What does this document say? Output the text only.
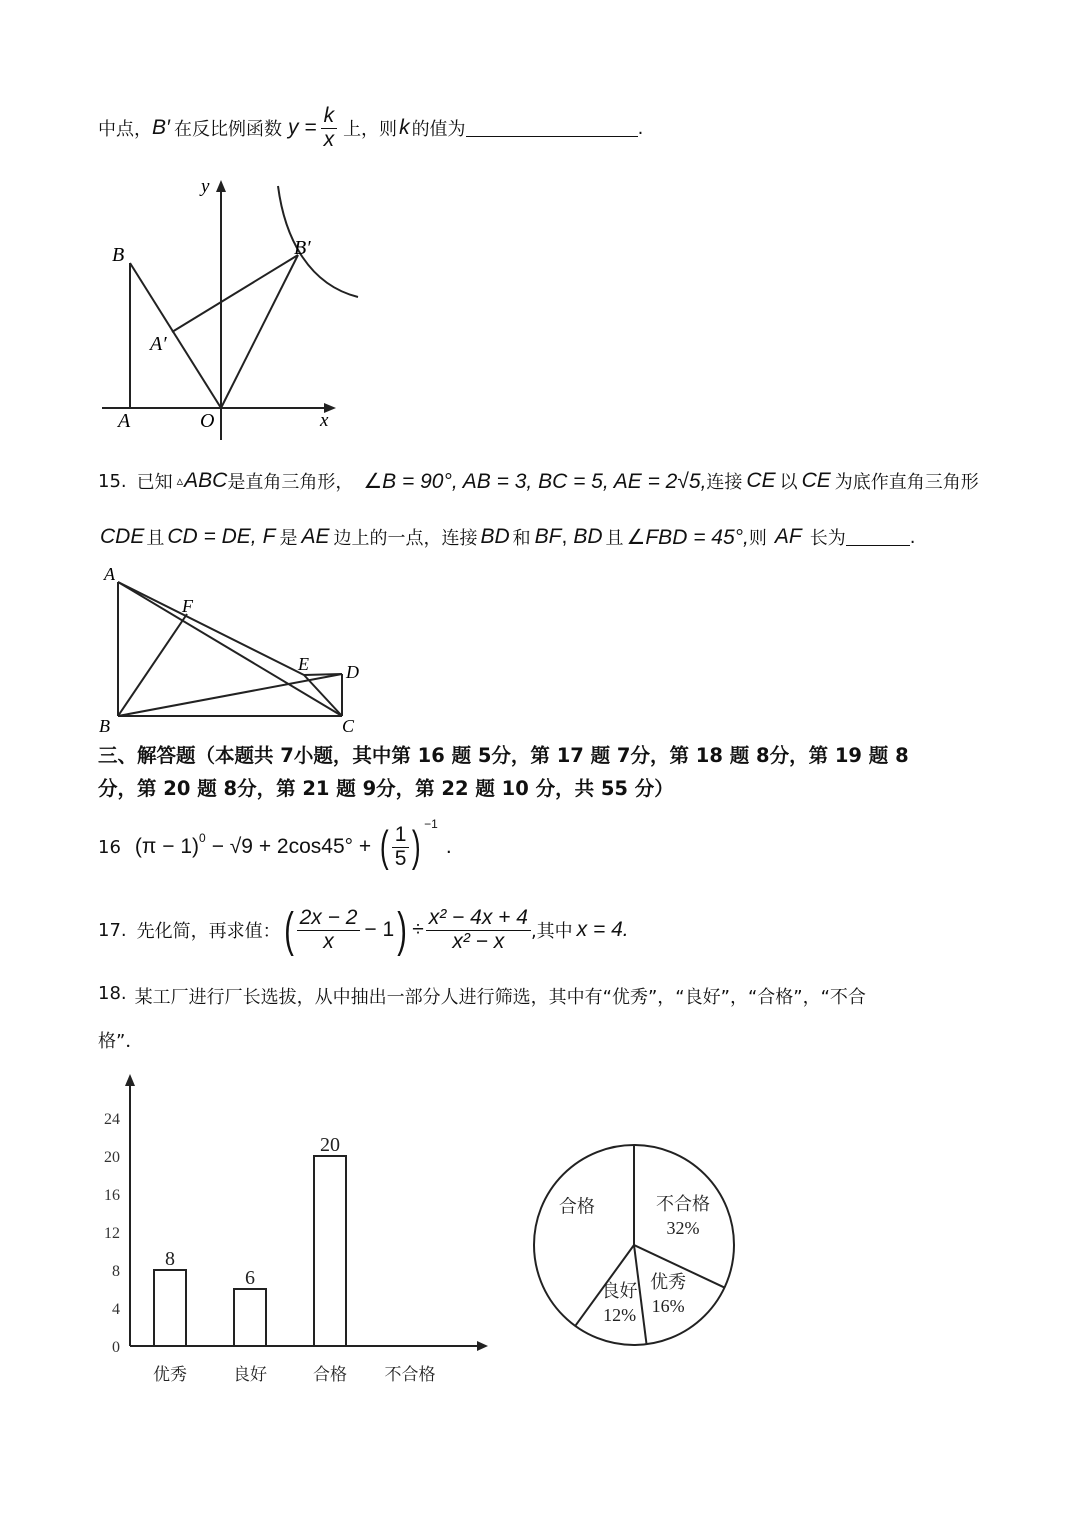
中点， B′ 在反比例函数 $y = \frac{k}{x}$ 上，则 k 的值为	.
y
x
B	B′
A′
A	O
15. 已知 ▵ ABC 是直角三角形， ∠B = 90°, AB = 3, BC = 5, AE = 2√5, 连接 CE 以 CE 为底作直角三角形
CDE 且 CD = DE, F 是 AE 边上的一点，连接 BD 和 BF , BD 且 ∠FBD = 45°, 则 AF 长为	.
A
F
E D
B	C
三、解答题（本题共 7小题，其中第 16 题 5分，第 17 题 7分，第 18 题 8分，第 19 题 8
分，第 20 题 8分，第 21 题 9分，第 22 题 10 分，共 55 分）
16 $(\pi - 1)^0 - √9 + 2\cos 45^\circ$ + ( $\frac{1}{5} )^{-1}$
.
17. 先化简，再求值： ( $\frac{2x - 2}{x} - 1$ ) ÷ $\frac{\text{x² − 4x + 4}}{\text{x² − x}}$ ,其中 x = 4.
18. 某工厂进行厂长选拔，从中抽出一部分人进行筛选，其中有“优秀”，“良好”，“合格”，“不合
格”．
0
4
8
12
16
20
24
8
优秀
6
良好
20
合格 不合格
不合格
32%
优秀
16%
良好
12%
合格
